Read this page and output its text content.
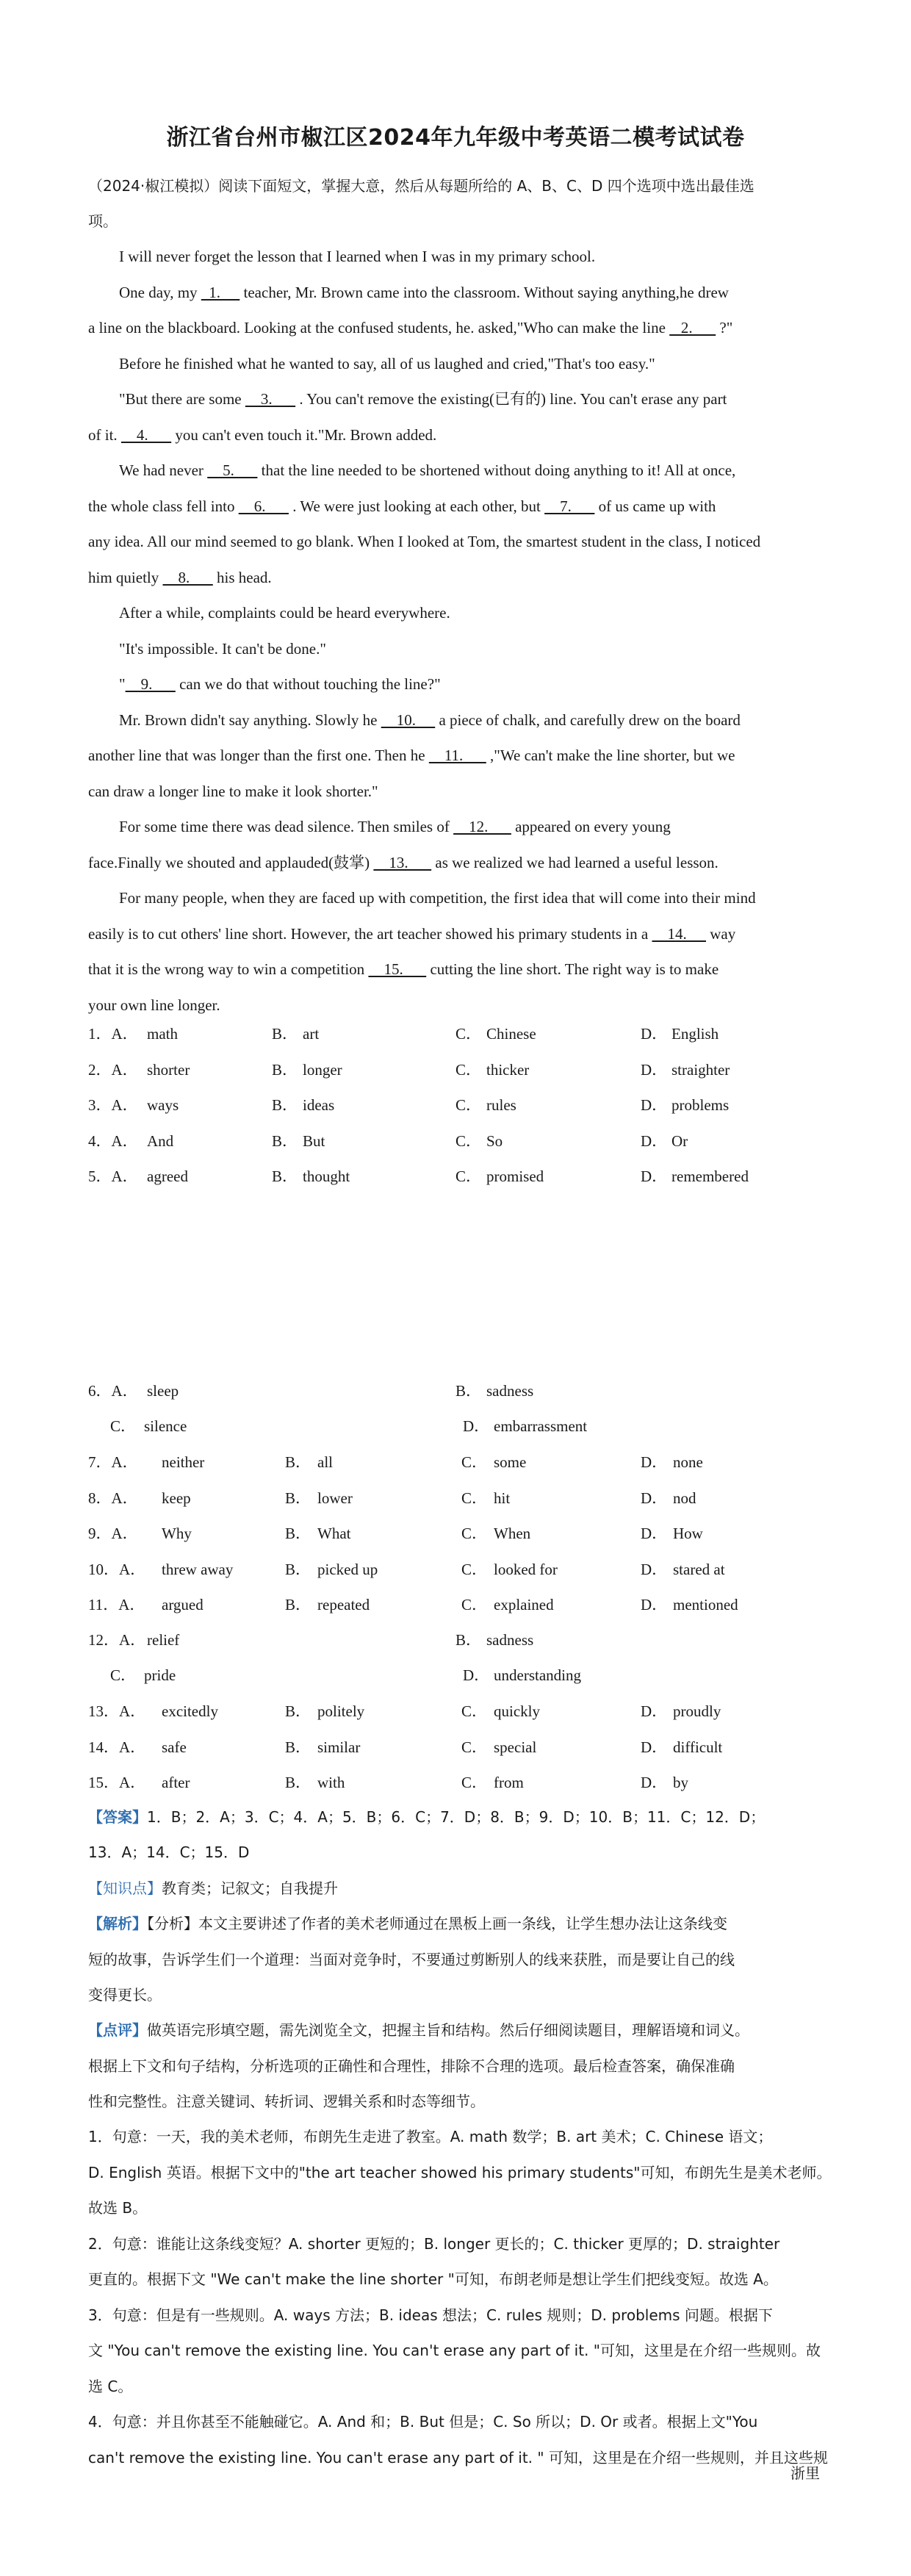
浙江省台州市椒江区2024年九年级中考英语二模考试试卷
（2024·椒江模拟）阅读下面短文，掌握大意，然后从每题所给的 A、B、C、D 四个选项中选出最佳选
项。
I will never forget the lesson that I learned when I was in my primary school.
One day, my   1.      teacher, Mr. Brown came into the classroom. Without saying anything,he drew
a line on the blackboard. Looking at the confused students, he. asked,"Who can make the line    2.       ?"
Before he finished what he wanted to say, all of us laughed and cried,"That's too easy."
"But there are some     3.       . You can't remove the existing(已有的) line. You can't erase any part
of it.     4.       you can't even touch it."Mr. Brown added.
We had never     5.       that the line needed to be shortened without doing anything to it! All at once,
the whole class fell into     6.       . We were just looking at each other, but     7.       of us came up with
any idea. All our mind seemed to go blank. When I looked at Tom, the smartest student in the class, I noticed
him quietly     8.       his head.
After a while, complaints could be heard everywhere.
"It's impossible. It can't be done."
"    9.       can we do that without touching the line?"
Mr. Brown didn't say anything. Slowly he     10.      a piece of chalk, and carefully drew on the board
another line that was longer than the first one. Then he     11.       ,"We can't make the line shorter, but we
can draw a longer line to make it look shorter."
For some time there was dead silence. Then smiles of     12.       appeared on every young
face.Finally we shouted and applauded(鼓掌)     13.       as we realized we had learned a useful lesson.
For many people, when they are faced up with competition, the first idea that will come into their mind
easily is to cut others' line short. However, the art teacher showed his primary students in a     14.      way
that it is the wrong way to win a competition     15.       cutting the line short. The right way is to make
your own line longer.
1．A． math	B． art	C． Chinese	D． English
2．A． shorter	B． longer	C． thicker	D． straighter
3．A． ways	B． ideas	C． rules	D． problems
4．A． And	B． But	C． So	D． Or
5．A． agreed	B． thought	C． promised	D． remembered
6．A． sleep	B． sadness
C． silence	D． embarrassment
7．A． neither	B． all	C． some	D． none
8．A． keep	B． lower	C． hit	D． nod
9．A． Why	B． What	C． When	D． How
10．A． threw away	B． picked up	C． looked for	D． stared at
11．A． argued	B． repeated	C． explained	D． mentioned
12．A． relief	B． sadness
C． pride	D． understanding
13．A． excitedly	B． politely	C． quickly	D． proudly
14．A． safe	B． similar	C． special	D． difficult
15．A． after	B． with	C． from	D． by
【答案】1．B；2．A；3．C；4．A；5．B；6．C；7．D；8．B；9．D；10．B；11．C；12．D；
13．A；14．C；15．D
【知识点】教育类；记叙文；自我提升
【解析】【分析】本文主要讲述了作者的美术老师通过在黑板上画一条线，让学生想办法让这条线变
短的故事，告诉学生们一个道理：当面对竞争时，不要通过剪断别人的线来获胜，而是要让自己的线
变得更长。
【点评】做英语完形填空题，需先浏览全文，把握主旨和结构。然后仔细阅读题目，理解语境和词义。
根据上下文和句子结构，分析选项的正确性和合理性，排除不合理的选项。最后检查答案，确保准确
性和完整性。注意关键词、转折词、逻辑关系和时态等细节。
1．句意：一天，我的美术老师，布朗先生走进了教室。A. math 数学；B. art 美术；C. Chinese 语文；
D. English 英语。根据下文中的"the art teacher showed his primary students"可知，布朗先生是美术老师。
故选 B。
2．句意：谁能让这条线变短？A. shorter 更短的；B. longer 更长的；C. thicker 更厚的；D. straighter
更直的。根据下文 "We can't make the line shorter "可知，布朗老师是想让学生们把线变短。故选 A。
3．句意：但是有一些规则。A. ways 方法；B. ideas 想法；C. rules 规则；D. problems 问题。根据下
文 "You can't remove the existing line. You can't erase any part of it. "可知，这里是在介绍一些规则。故
选 C。
4．句意：并且你甚至不能触碰它。A. And 和；B. But 但是；C. So 所以；D. Or 或者。根据上文"You
can't remove the existing line. You can't erase any part of it. " 可知，这里是在介绍一些规则，并且这些规
浙里
